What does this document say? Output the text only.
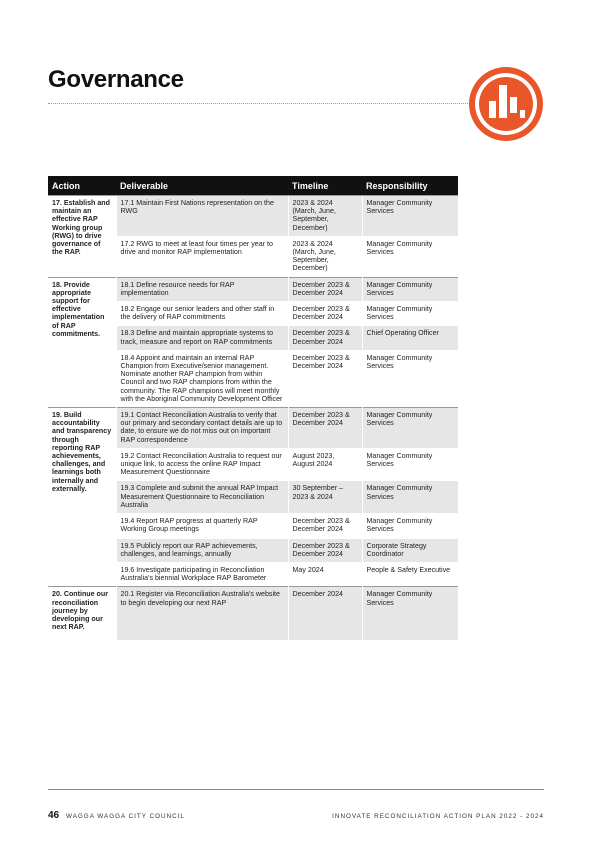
Governance
Action	Deliverable	Timeline	Responsibility
17. Establish and maintain an effective RAP Working group (RWG) to drive governance of the RAP.	17.1 Maintain First Nations representation on the RWG	2023 & 2024 (March, June, September, December)	Manager Community Services
	17.2 RWG to meet at least four times per year to drive and monitor RAP implementation	2023 & 2024 (March, June, September, December)	Manager Community Services
18. Provide appropriate support for effective implementation of RAP commitments.	18.1 Define resource needs for RAP implementation	December 2023 & December 2024	Manager Community Services
	18.2 Engage our senior leaders and other staff in the delivery of RAP commitments	December 2023 & December 2024	Manager Community Services
	18.3 Define and maintain appropriate systems to track, measure and report on RAP commitments	December 2023 & December 2024	Chief Operating Officer
	18.4 Appoint and maintain an internal RAP Champion from Executive/senior management. Nominate another RAP champion from within Council and two RAP champions from within the community. The RAP champions will meet monthly with the Aboriginal Community Development Officer	December 2023 & December 2024	Manager Community Services
19. Build accountability and transparency through reporting RAP achievements, challenges, and learnings both internally and externally.	19.1 Contact Reconciliation Australia to verify that our primary and secondary contact details are up to date, to ensure we do not miss out on important RAP correspondence	December 2023 & December 2024	Manager Community Services
	19.2 Contact Reconciliation Australia to request our unique link, to access the online RAP Impact Measurement Questionnaire	August 2023, August 2024	Manager Community Services
	19.3 Complete and submit the annual RAP Impact Measurement Questionnaire to Reconciliation Australia	30 September – 2023 & 2024	Manager Community Services
	19.4 Report RAP progress at quarterly RAP Working Group meetings	December 2023 & December 2024	Manager Community Services
	19.5 Publicly report our RAP achievements, challenges, and learnings, annually	December 2023 & December 2024	Corporate Strategy Coordinator
	19.6 Investigate participating in Reconciliation Australia's biennial Workplace RAP Barometer	May 2024	People & Safety Executive
20. Continue our reconciliation journey by developing our next RAP.	20.1 Register via Reconciliation Australia's website to begin developing our next RAP	December 2024	Manager Community Services
46 WAGGA WAGGA CITY COUNCIL	INNOVATE RECONCILIATION ACTION PLAN 2022 - 2024
